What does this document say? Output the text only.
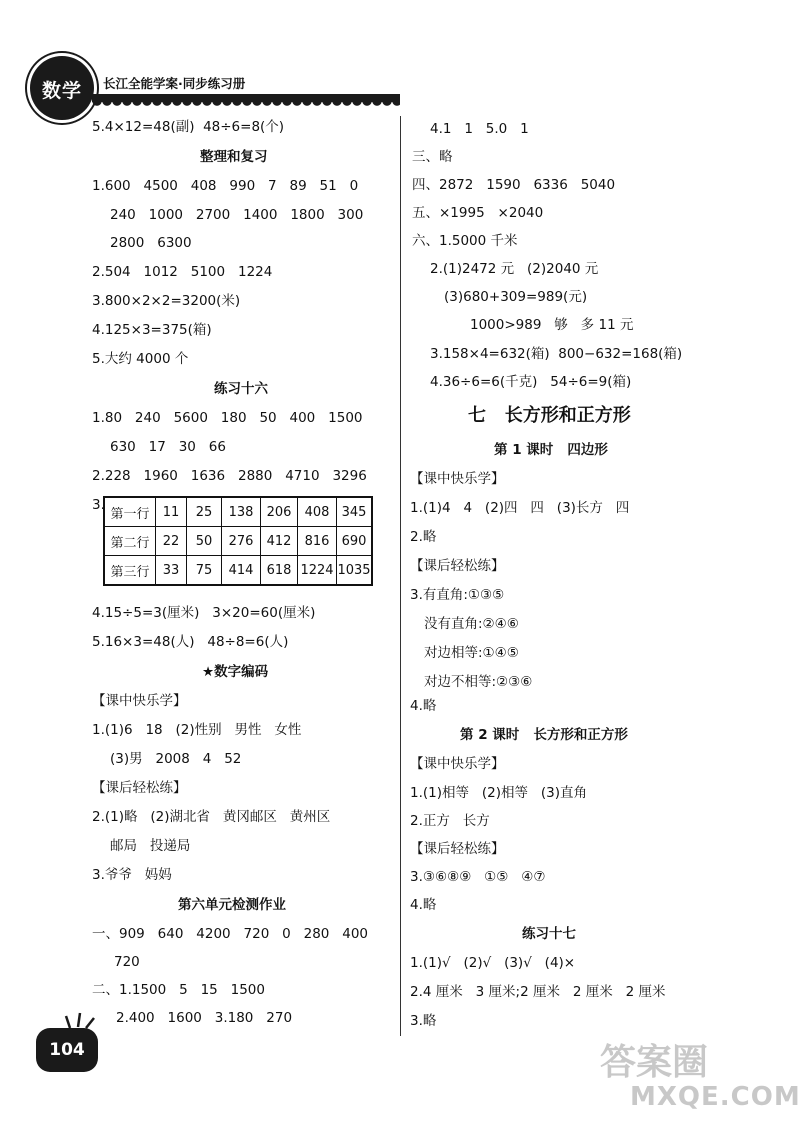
数学	长江全能学案·同步练习册
5.4×12=48(副)  48÷6=8(个)
整理和复习
1.600   4500   408   990   7   89   51   0
240   1000   2700   1400   1800   300
2800   6300
2.504   1012   5100   1224
3.800×2×2=3200(米)
4.125×3=375(箱)
5.大约 4000 个
练习十六
1.80   240   5600   180   50   400   1500
630   17   30   66
2.228   1960   1636   2880   4710   3296
3.
第一行	11	25	138	206	408	345
第二行	22	50	276	412	816	690
第三行	33	75	414	618	1224	1035
4.15÷5=3(厘米)   3×20=60(厘米)
5.16×3=48(人)   48÷8=6(人)
★数字编码
【课中快乐学】
1.(1)6   18   (2)性别   男性   女性
(3)男   2008   4   52
【课后轻松练】
2.(1)略   (2)湖北省   黄冈邮区   黄州区
邮局   投递局
3.爷爷   妈妈
第六单元检测作业
一、909   640   4200   720   0   280   400
720
二、1.1500   5   15   1500
2.400   1600   3.180   270
4.1   1   5.0   1
三、略
四、2872   1590   6336   5040
五、×1995   ×2040
六、1.5000 千米
2.(1)2472 元   (2)2040 元
(3)680+309=989(元)
1000>989   够   多 11 元
3.158×4=632(箱)  800−632=168(箱)
4.36÷6=6(千克)   54÷6=9(箱)
七   长方形和正方形
第 1 课时   四边形
【课中快乐学】
1.(1)4   4   (2)四   四   (3)长方   四
2.略
【课后轻松练】
3.有直角:①③⑤
没有直角:②④⑥
对边相等:①④⑤
对边不相等:②③⑥
4.略
第 2 课时   长方形和正方形
【课中快乐学】
1.(1)相等   (2)相等   (3)直角
2.正方   长方
【课后轻松练】
3.③⑥⑧⑨   ①⑤   ④⑦
4.略
练习十七
1.(1)√   (2)√   (3)√   (4)×
2.4 厘米   3 厘米;2 厘米   2 厘米   2 厘米
3.略
104	答案圈
MXQE.COM
